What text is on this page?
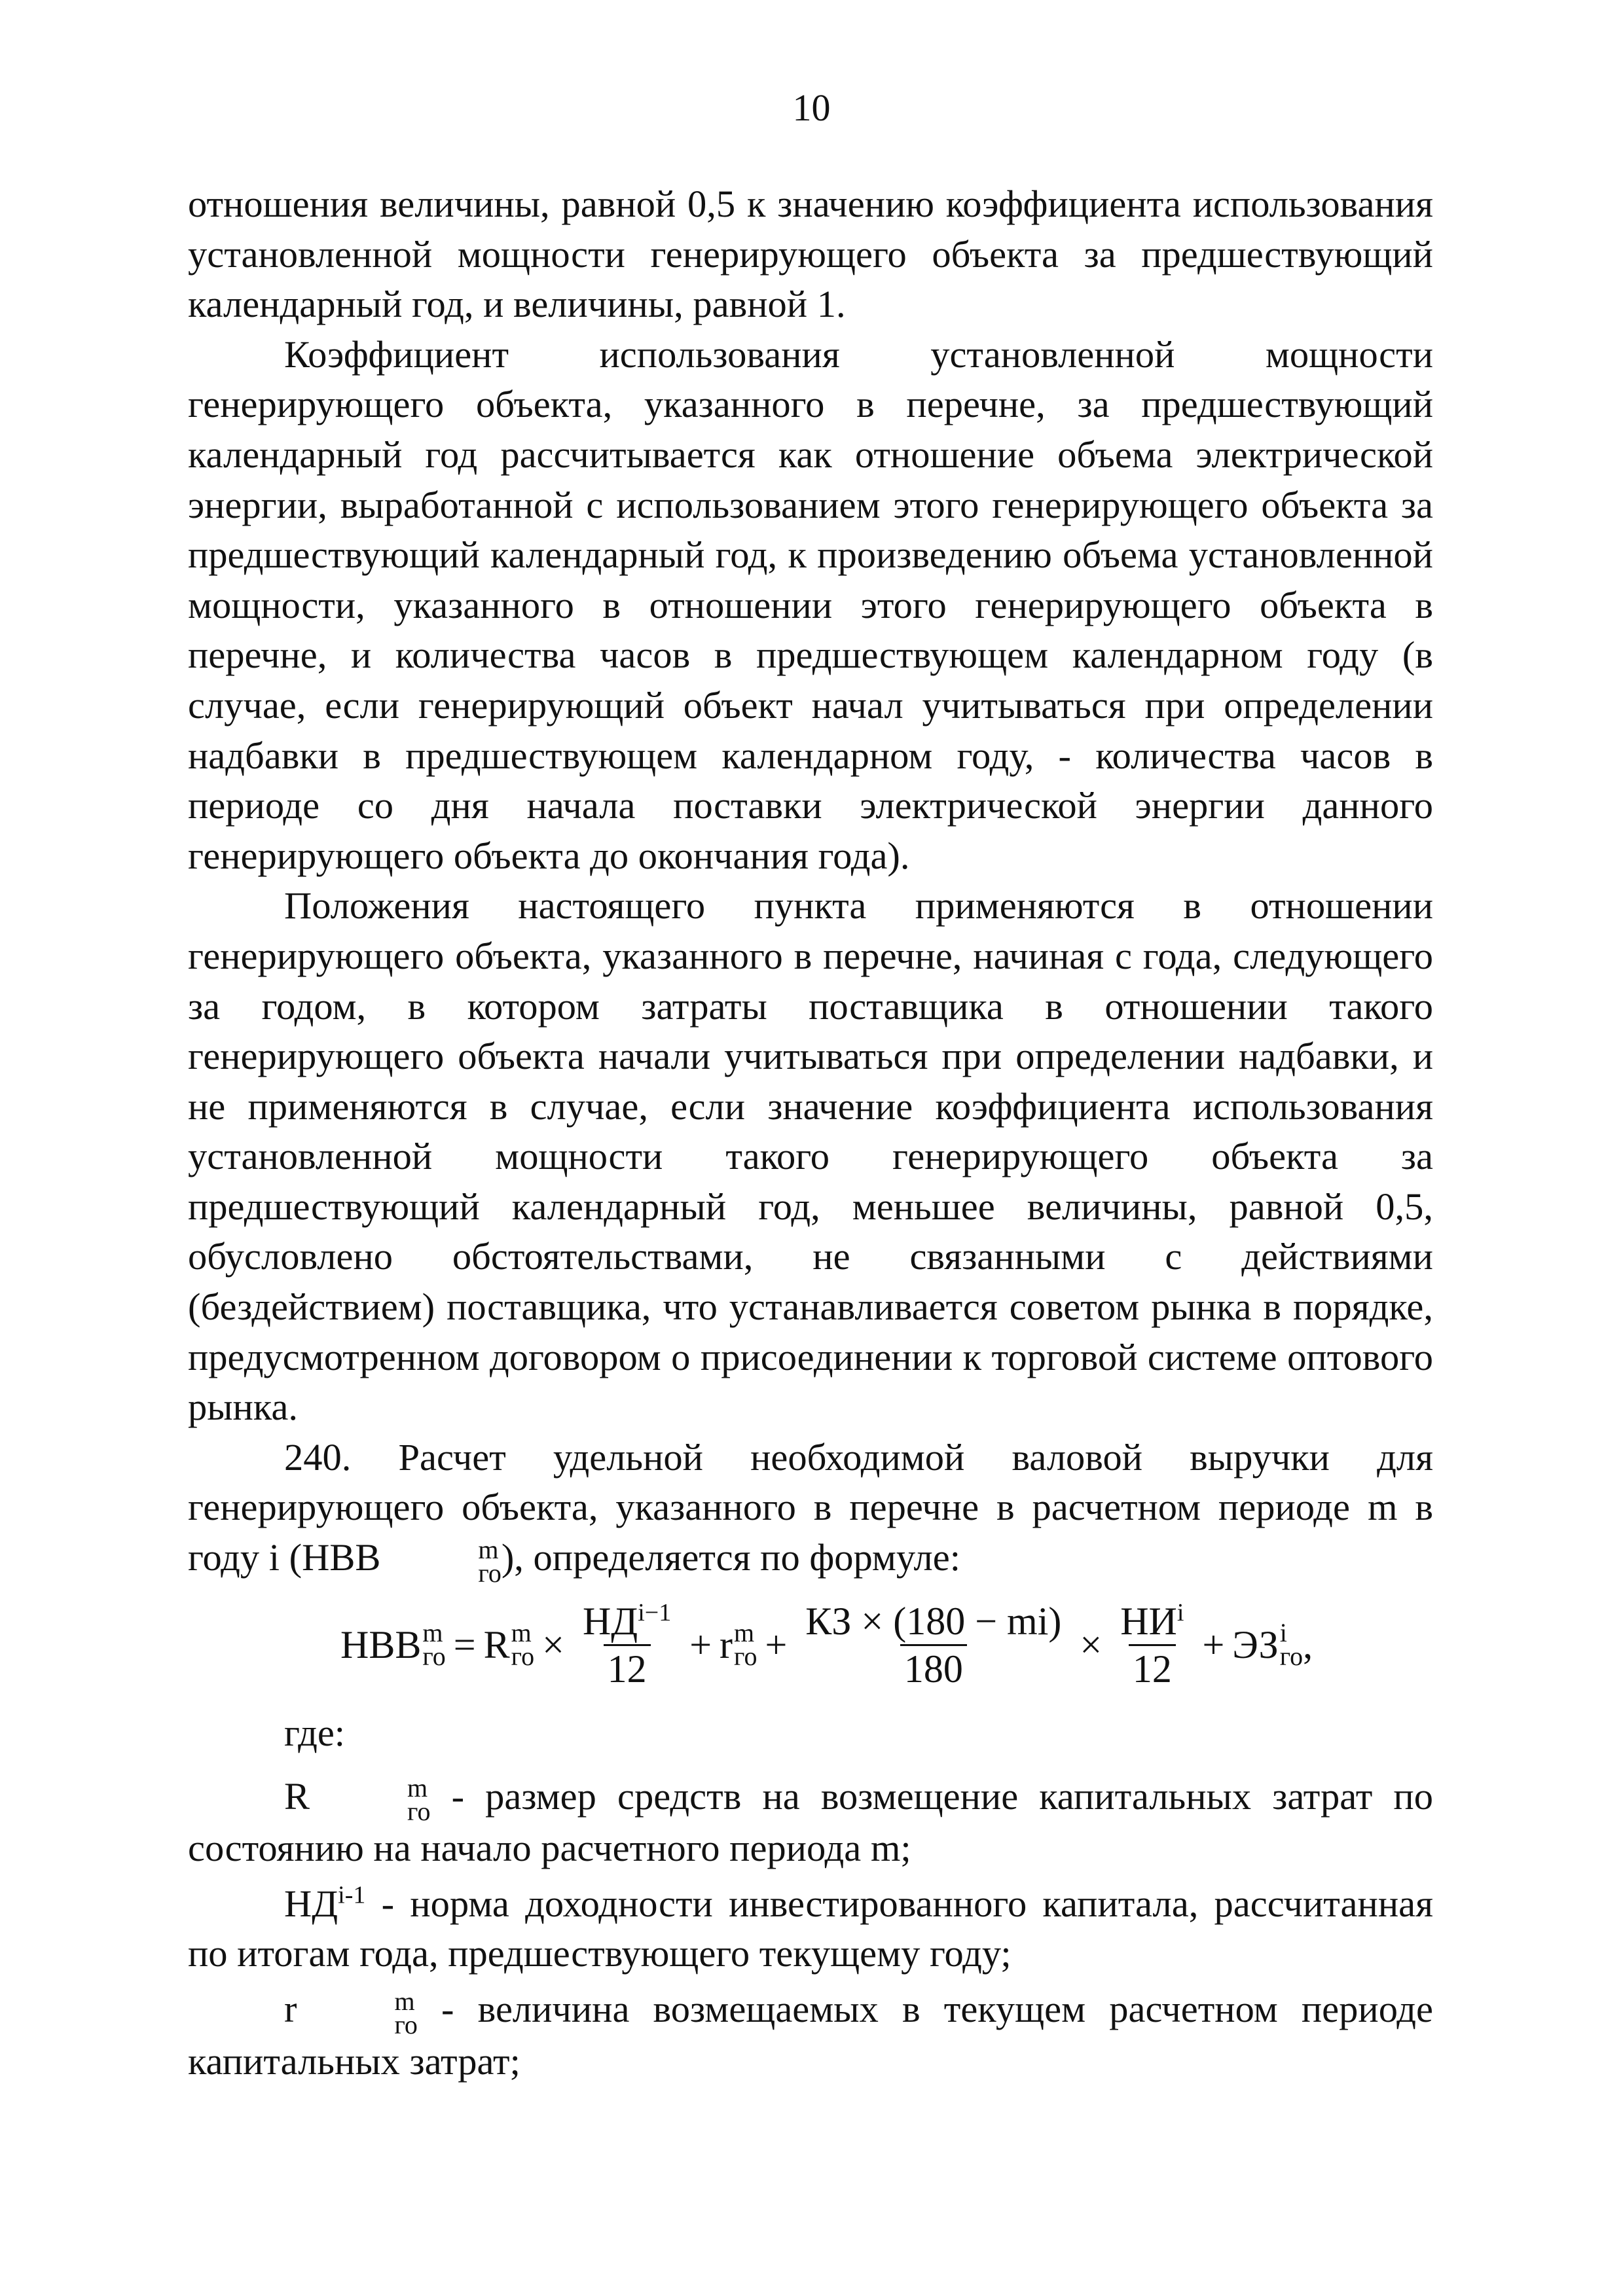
10

отношения величины, равной 0,5 к значению коэффициента использования установленной мощности генерирующего объекта за предшествующий календарный год, и величины, равной 1.

Коэффициент использования установленной мощности генерирующего объекта, указанного в перечне, за предшествующий календарный год рассчитывается как отношение объема электрической энергии, выработанной с использованием этого генерирующего объекта за предшествующий календарный год, к произведению объема установленной мощности, указанного в отношении этого генерирующего объекта в перечне, и количества часов в предшествующем календарном году (в случае, если генерирующий объект начал учитываться при определении надбавки в предшествующем календарном году, - количества часов в периоде со дня начала поставки электрической энергии данного генерирующего объекта до окончания года).

Положения настоящего пункта применяются в отношении генерирующего объекта, указанного в перечне, начиная с года, следующего за годом, в котором затраты поставщика в отношении такого генерирующего объекта начали учитываться при определении надбавки, и не применяются в случае, если значение коэффициента использования установленной мощности такого генерирующего объекта за предшествующий календарный год, меньшее величины, равной 0,5, обусловлено обстоятельствами, не связанными с действиями (бездействием) поставщика, что устанавливается советом рынка в порядке, предусмотренном договором о присоединении к торговой системе оптового рынка.

240. Расчет удельной необходимой валовой выручки для генерирующего объекта, указанного в перечне в расчетном периоде m в году i (НВВ	m
го ), определяется по формуле:

НВВ m
го = R m
го × $\frac{НД^{i-1}}{12} + r$ m
го + $\frac{КЗ \times (180 - mi)}{180} \times \frac{НИ^i}{12}$ + ЭЗ i
го ,

где:

R	m
го - размер средств на возмещение капитальных затрат по состоянию на начало расчетного периода m;

НД$^{i-1}$ - норма доходности инвестированного капитала, рассчитанная по итогам года, предшествующего текущему году;

r	m
го - величина возмещаемых в текущем расчетном периоде капитальных затрат;
